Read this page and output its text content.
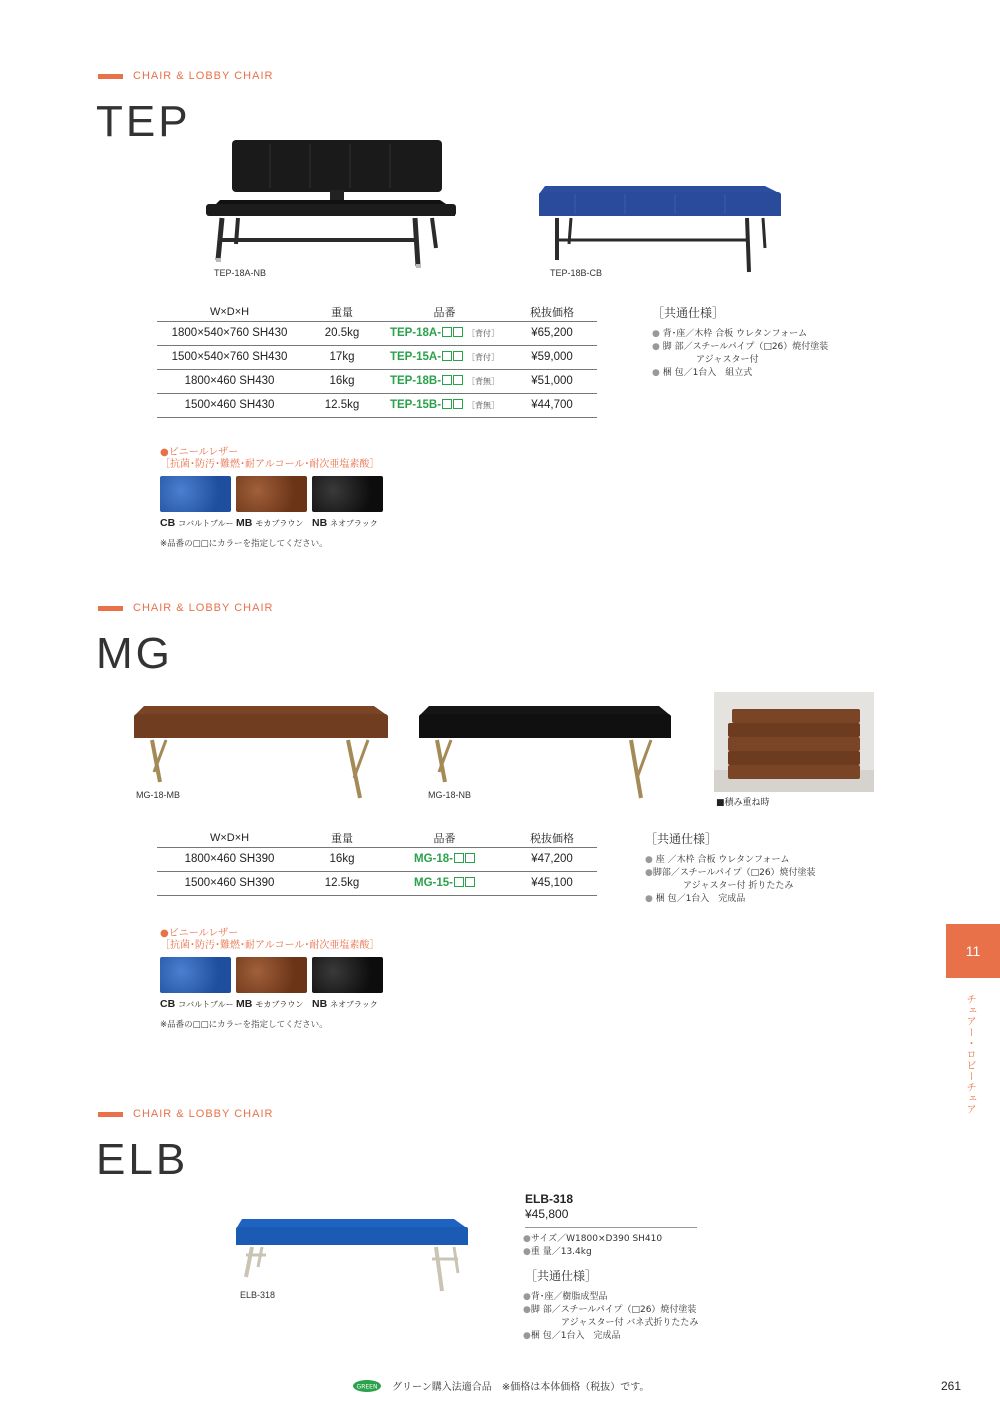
CHAIR & LOBBY CHAIR
TEP
TEP-18A-NB	TEP-18B-CB
W×D×H	重量	品番	税抜価格
1800×540×760 SH430	20.5kg	TEP-18A- ［背付］	¥65,200
1500×540×760 SH430	17kg	TEP-15A- ［背付］	¥59,000
1800×460 SH430	16kg	TEP-18B- ［背無］	¥51,000
1500×460 SH430	12.5kg	TEP-15B- ［背無］	¥44,700
［共通仕様］
● 背･座／木枠 合板 ウレタンフォーム
● 脚 部／スチールパイプ（□26）焼付塗装
アジャスター付
● 梱 包／1台入　組立式
●ビニールレザー
［抗菌･防汚･難燃･耐アルコール･耐次亜塩素酸］
CB コバルトブルー MB モカブラウン NB ネオブラック
※品番の□□にカラーを指定してください。
CHAIR & LOBBY CHAIR
MG
MG-18-MB	MG-18-NB
■積み重ね時
W×D×H	重量	品番	税抜価格
1800×460 SH390	16kg	MG-18-	¥47,200
1500×460 SH390	12.5kg	MG-15-	¥45,100
［共通仕様］
● 座 ／木枠 合板 ウレタンフォーム
●脚部／スチールパイプ（□26）焼付塗装
アジャスター付 折りたたみ
● 梱 包／1台入　完成品
●ビニールレザー
［抗菌･防汚･難燃･耐アルコール･耐次亜塩素酸］
CB コバルトブルー MB モカブラウン NB ネオブラック
※品番の□□にカラーを指定してください。
11
チェアー・ロビーチェア
CHAIR & LOBBY CHAIR
ELB
ELB-318
ELB-318
¥45,800
●サイズ／W1800×D390 SH410
●重 量／13.4kg
［共通仕様］
●背･座／樹脂成型品
●脚 部／スチールパイプ（□26）焼付塗装
アジャスター付 バネ式折りたたみ
●梱 包／1台入　完成品
GREEN グリーン購入法適合品 ※価格は本体価格（税抜）です。	261
